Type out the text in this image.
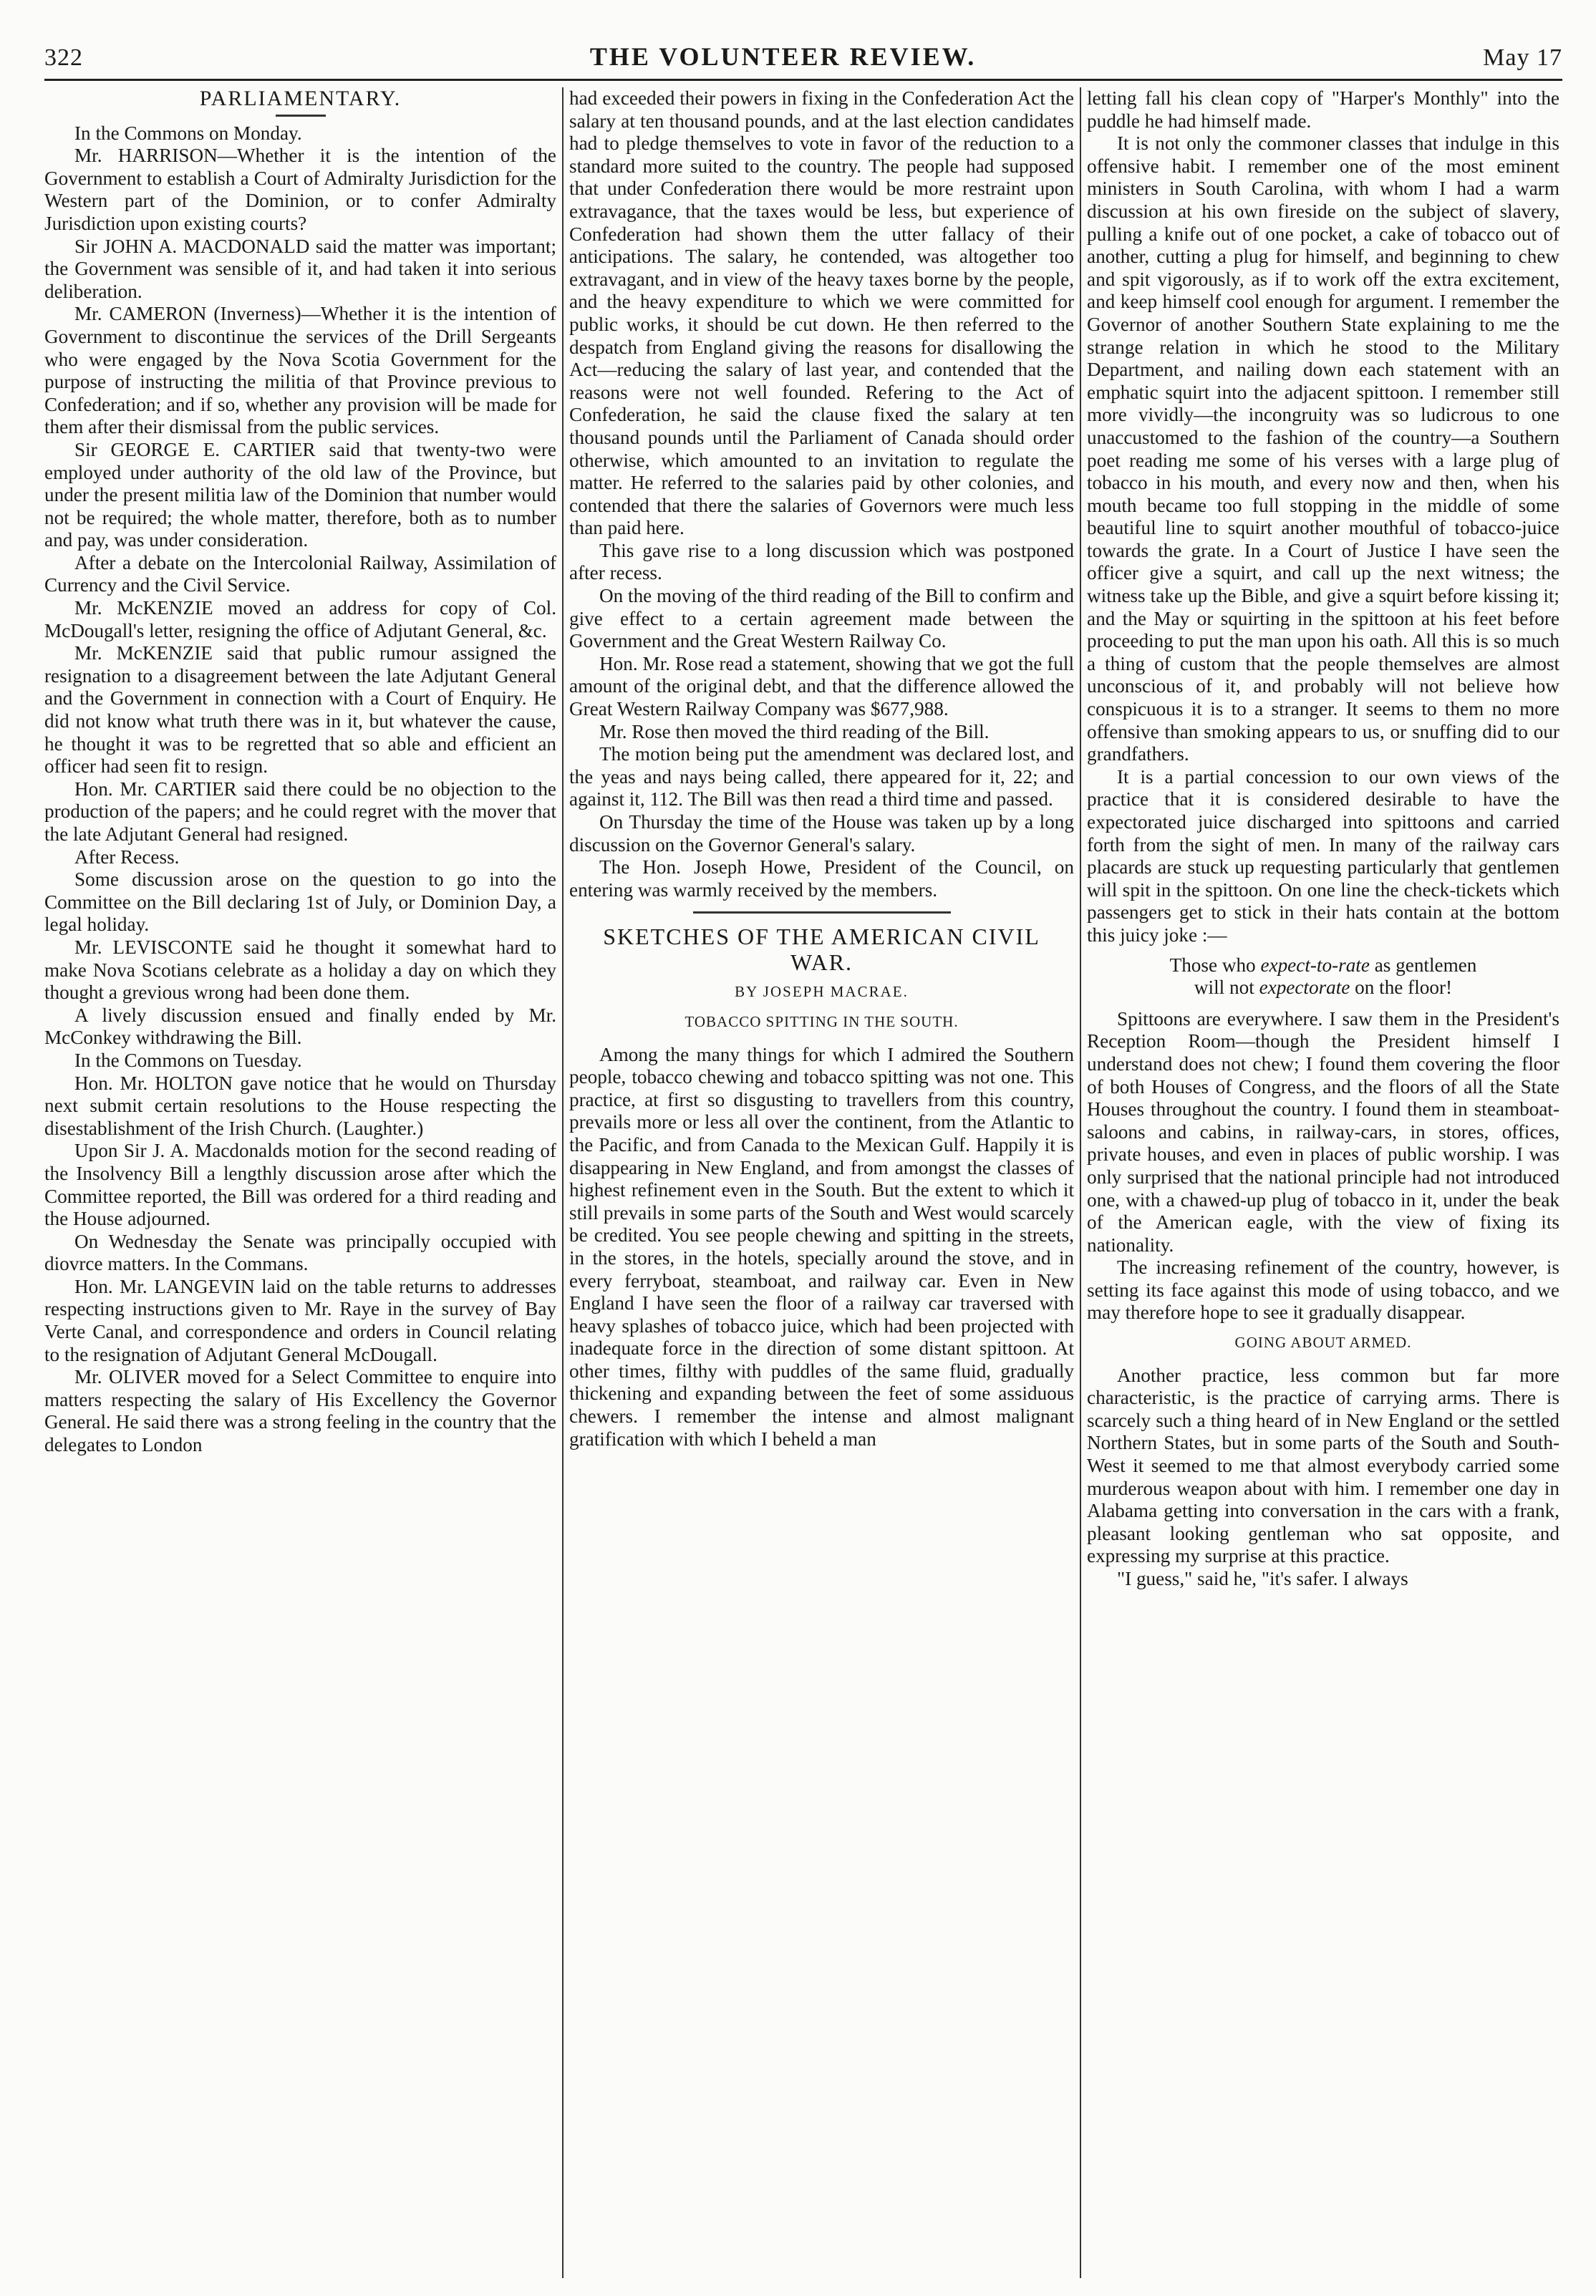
322	THE VOLUNTEER REVIEW.	May 17
PARLIAMENTARY.

In the Commons on Monday.

Mr. HARRISON—Whether it is the intention of the Government to establish a Court of Admiralty Jurisdiction for the Western part of the Dominion, or to confer Admiralty Jurisdiction upon existing courts?

Sir JOHN A. MACDONALD said the matter was important; the Government was sensible of it, and had taken it into serious deliberation.

Mr. CAMERON (Inverness)—Whether it is the intention of Government to discontinue the services of the Drill Sergeants who were engaged by the Nova Scotia Government for the purpose of instructing the militia of that Province previous to Confederation; and if so, whether any provision will be made for them after their dismissal from the public services.

Sir GEORGE E. CARTIER said that twenty-two were employed under authority of the old law of the Province, but under the present militia law of the Dominion that number would not be required; the whole matter, therefore, both as to number and pay, was under consideration.

After a debate on the Intercolonial Railway, Assimilation of Currency and the Civil Service.

Mr. McKENZIE moved an address for copy of Col. McDougall's letter, resigning the office of Adjutant General, &c.

Mr. McKENZIE said that public rumour assigned the resignation to a disagreement between the late Adjutant General and the Government in connection with a Court of Enquiry. He did not know what truth there was in it, but whatever the cause, he thought it was to be regretted that so able and efficient an officer had seen fit to resign.

Hon. Mr. CARTIER said there could be no objection to the production of the papers; and he could regret with the mover that the late Adjutant General had resigned.

After Recess.

Some discussion arose on the question to go into the Committee on the Bill declaring 1st of July, or Dominion Day, a legal holiday.

Mr. LEVISCONTE said he thought it somewhat hard to make Nova Scotians celebrate as a holiday a day on which they thought a grevious wrong had been done them.

A lively discussion ensued and finally ended by Mr. McConkey withdrawing the Bill.

In the Commons on Tuesday.

Hon. Mr. HOLTON gave notice that he would on Thursday next submit certain resolutions to the House respecting the disestablishment of the Irish Church. (Laughter.)

Upon Sir J. A. Macdonalds motion for the second reading of the Insolvency Bill a lengthly discussion arose after which the Committee reported, the Bill was ordered for a third reading and the House adjourned.

On Wednesday the Senate was principally occupied with diovrce matters. In the Commans.

Hon. Mr. LANGEVIN laid on the table returns to addresses respecting instructions given to Mr. Raye in the survey of Bay Verte Canal, and correspondence and orders in Council relating to the resignation of Adjutant General McDougall.

Mr. OLIVER moved for a Select Committee to enquire into matters respecting the salary of His Excellency the Governor General. He said there was a strong feeling in the country that the delegates to London

had exceeded their powers in fixing in the Confederation Act the salary at ten thousand pounds, and at the last election candidates had to pledge themselves to vote in favor of the reduction to a standard more suited to the country. The people had supposed that under Confederation there would be more restraint upon extravagance, that the taxes would be less, but experience of Confederation had shown them the utter fallacy of their anticipations. The salary, he contended, was altogether too extravagant, and in view of the heavy taxes borne by the people, and the heavy expenditure to which we were committed for public works, it should be cut down. He then referred to the despatch from England giving the reasons for disallowing the Act—reducing the salary of last year, and contended that the reasons were not well founded. Refering to the Act of Confederation, he said the clause fixed the salary at ten thousand pounds until the Parliament of Canada should order otherwise, which amounted to an invitation to regulate the matter. He referred to the salaries paid by other colonies, and contended that there the salaries of Governors were much less than paid here.

This gave rise to a long discussion which was postponed after recess.

On the moving of the third reading of the Bill to confirm and give effect to a certain agreement made between the Government and the Great Western Railway Co.

Hon. Mr. Rose read a statement, showing that we got the full amount of the original debt, and that the difference allowed the Great Western Railway Company was $677,988.

Mr. Rose then moved the third reading of the Bill.

The motion being put the amendment was declared lost, and the yeas and nays being called, there appeared for it, 22; and against it, 112. The Bill was then read a third time and passed.

On Thursday the time of the House was taken up by a long discussion on the Governor General's salary.

The Hon. Joseph Howe, President of the Council, on entering was warmly received by the members.

SKETCHES OF THE AMERICAN CIVIL WAR.
BY JOSEPH MACRAE.
TOBACCO SPITTING IN THE SOUTH.

Among the many things for which I admired the Southern people, tobacco chewing and tobacco spitting was not one. This practice, at first so disgusting to travellers from this country, prevails more or less all over the continent, from the Atlantic to the Pacific, and from Canada to the Mexican Gulf. Happily it is disappearing in New England, and from amongst the classes of highest refinement even in the South. But the extent to which it still prevails in some parts of the South and West would scarcely be credited. You see people chewing and spitting in the streets, in the stores, in the hotels, specially around the stove, and in every ferryboat, steamboat, and railway car. Even in New England I have seen the floor of a railway car traversed with heavy splashes of tobacco juice, which had been projected with inadequate force in the direction of some distant spittoon. At other times, filthy with puddles of the same fluid, gradually thickening and expanding between the feet of some assiduous chewers. I remember the intense and almost malignant gratification with which I beheld a man

letting fall his clean copy of "Harper's Monthly" into the puddle he had himself made.

It is not only the commoner classes that indulge in this offensive habit. I remember one of the most eminent ministers in South Carolina, with whom I had a warm discussion at his own fireside on the subject of slavery, pulling a knife out of one pocket, a cake of tobacco out of another, cutting a plug for himself, and beginning to chew and spit vigorously, as if to work off the extra excitement, and keep himself cool enough for argument. I remember the Governor of another Southern State explaining to me the strange relation in which he stood to the Military Department, and nailing down each statement with an emphatic squirt into the adjacent spittoon. I remember still more vividly—the incongruity was so ludicrous to one unaccustomed to the fashion of the country—a Southern poet reading me some of his verses with a large plug of tobacco in his mouth, and every now and then, when his mouth became too full stopping in the middle of some beautiful line to squirt another mouthful of tobacco-juice towards the grate. In a Court of Justice I have seen the officer give a squirt, and call up the next witness; the witness take up the Bible, and give a squirt before kissing it; and the May or squirting in the spittoon at his feet before proceeding to put the man upon his oath. All this is so much a thing of custom that the people themselves are almost unconscious of it, and probably will not believe how conspicuous it is to a stranger. It seems to them no more offensive than smoking appears to us, or snuffing did to our grandfathers.

It is a partial concession to our own views of the practice that it is considered desirable to have the expectorated juice discharged into spittoons and carried forth from the sight of men. In many of the railway cars placards are stuck up requesting particularly that gentlemen will spit in the spittoon. On one line the check-tickets which passengers get to stick in their hats contain at the bottom this juicy joke :—

Those who expect-to-rate as gentlemen
will not expectorate on the floor!

Spittoons are everywhere. I saw them in the President's Reception Room—though the President himself I understand does not chew; I found them covering the floor of both Houses of Congress, and the floors of all the State Houses throughout the country. I found them in steamboat-saloons and cabins, in railway-cars, in stores, offices, private houses, and even in places of public worship. I was only surprised that the national principle had not introduced one, with a chawed-up plug of tobacco in it, under the beak of the American eagle, with the view of fixing its nationality.

The increasing refinement of the country, however, is setting its face against this mode of using tobacco, and we may therefore hope to see it gradually disappear.

GOING ABOUT ARMED.

Another practice, less common but far more characteristic, is the practice of carrying arms. There is scarcely such a thing heard of in New England or the settled Northern States, but in some parts of the South and South-West it seemed to me that almost everybody carried some murderous weapon about with him. I remember one day in Alabama getting into conversation in the cars with a frank, pleasant looking gentleman who sat opposite, and expressing my surprise at this practice.

"I guess," said he, "it's safer. I always
